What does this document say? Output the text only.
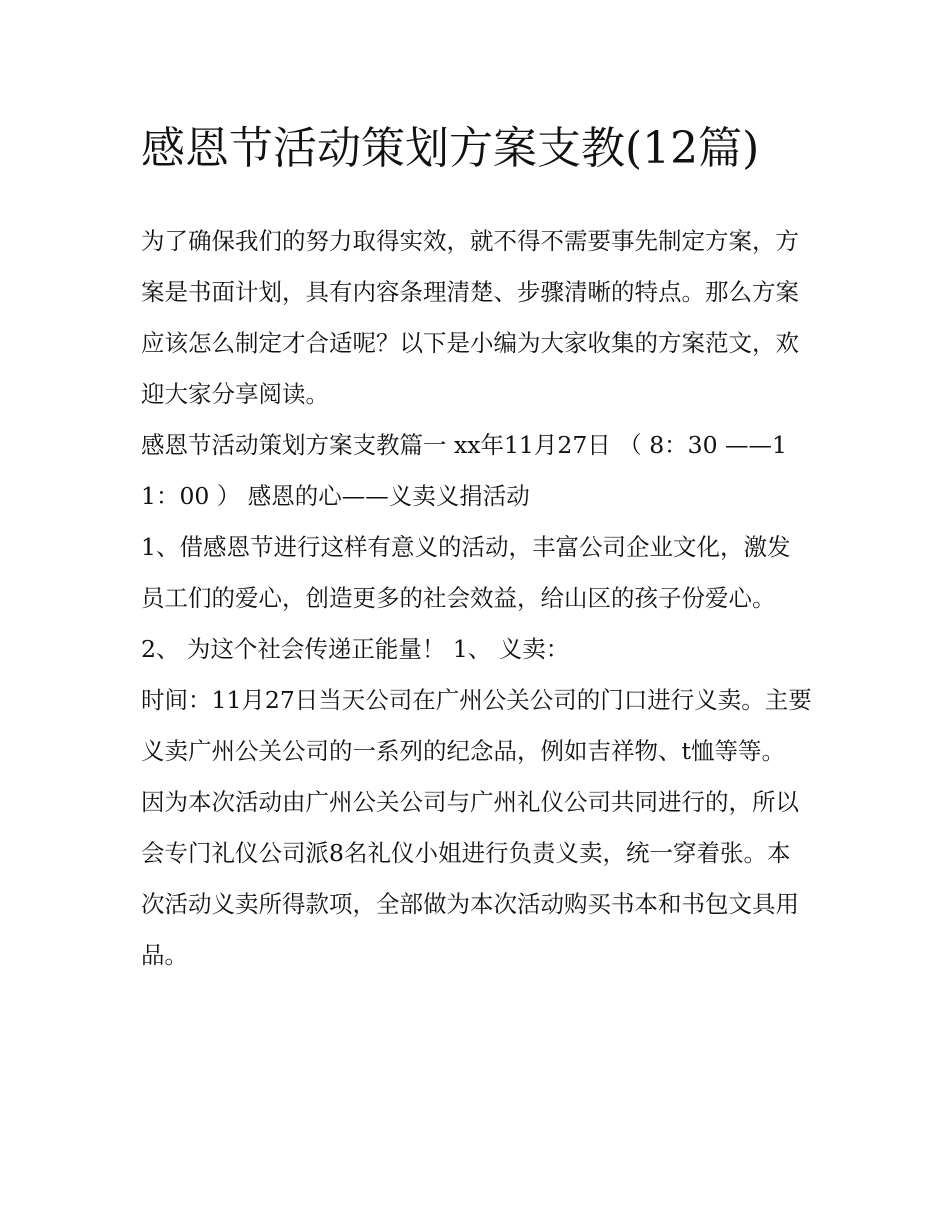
感恩节活动策划方案支教(12篇)

为了确保我们的努力取得实效，就不得不需要事先制定方案，方案是书面计划，具有内容条理清楚、步骤清晰的特点。那么方案应该怎么制定才合适呢？以下是小编为大家收集的方案范文，欢迎大家分享阅读。

感恩节活动策划方案支教篇一 xx年11月27日 （ 8：30 ——11：00 ） 感恩的心——义卖义捐活动

1、借感恩节进行这样有意义的活动，丰富公司企业文化，激发员工们的爱心，创造更多的社会效益，给山区的孩子份爱心。 2、 为这个社会传递正能量！ 1、 义卖：

时间：11月27日当天公司在广州公关公司的门口进行义卖。主要义卖广州公关公司的一系列的纪念品，例如吉祥物、t恤等等。

因为本次活动由广州公关公司与广州礼仪公司共同进行的，所以会专门礼仪公司派8名礼仪小姐进行负责义卖，统一穿着张。本次活动义卖所得款项，全部做为本次活动购买书本和书包文具用品。
